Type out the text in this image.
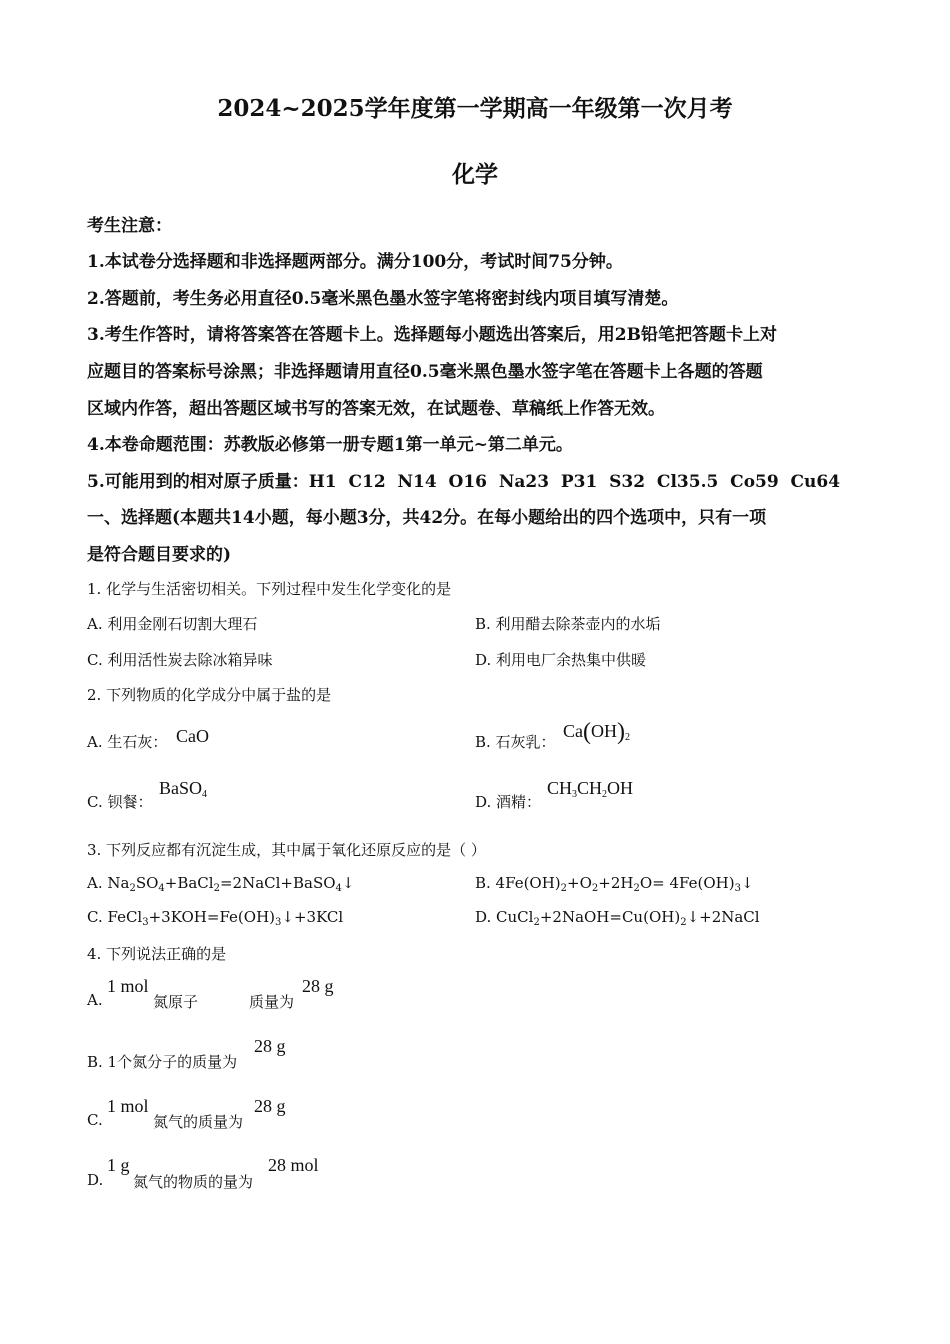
2024~2025学年度第一学期高一年级第一次月考
化学
考生注意：
1.本试卷分选择题和非选择题两部分。满分100分，考试时间75分钟。
2.答题前，考生务必用直径0.5毫米黑色墨水签字笔将密封线内项目填写清楚。
3.考生作答时，请将答案答在答题卡上。选择题每小题选出答案后，用2B铅笔把答题卡上对
应题目的答案标号涂黑；非选择题请用直径0.5毫米黑色墨水签字笔在答题卡上各题的答题
区域内作答，超出答题区域书写的答案无效，在试题卷、草稿纸上作答无效。
4.本卷命题范围：苏教版必修第一册专题1第一单元~第二单元。
5.可能用到的相对原子质量：H1  C12  N14  O16  Na23  P31  S32  Cl35.5  Co59  Cu64
一、选择题(本题共14小题，每小题3分，共42分。在每小题给出的四个选项中，只有一项
是符合题目要求的)
1. 化学与生活密切相关。下列过程中发生化学变化的是
A. 利用金刚石切割大理石	B. 利用醋去除茶壶内的水垢
C. 利用活性炭去除冰箱异味	D. 利用电厂余热集中供暖
2. 下列物质的化学成分中属于盐的是
A. 生石灰： CaO	B. 石灰乳：
$Ca(OH)_2$
C. 钡餐：
BaSO$_4$	D. 酒精：
$CH_3CH_2OH$
3. 下列反应都有沉淀生成，其中属于氧化还原反应的是（ ）
A. $Na_2SO_4+BaCl_2=2NaCl+BaSO_4↓$	B. $4Fe(OH)_2+O_2+2H_2O=$ $4Fe(OH)_3↓$
C. $FeCl_3+3KOH=Fe(OH)_3↓+3KCl$	D. $CuCl_2+2NaOH=Cu(OH)_2↓+2NaCl$
4. 下列说法正确的是
A.
1 mol
氮原子	质量为
28 g
B. 1个氮分子的质量为
28 g
C.
1 mol
氮气的质量为
28 g
D.
1 g
氮气的物质的量为
28 mol
